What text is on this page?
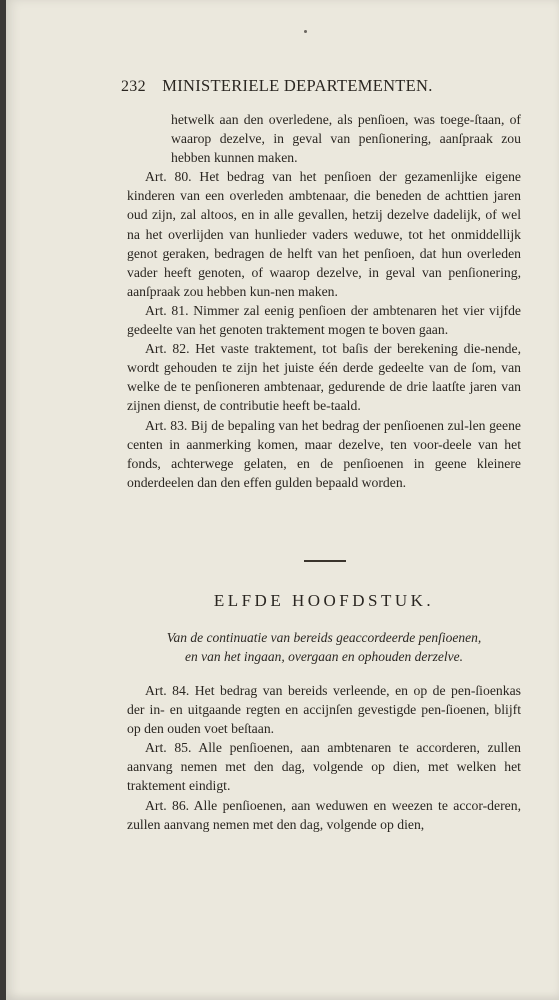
232 MINISTERIELE DEPARTEMENTEN.

hetwelk aan den overledene, als penſioen, was toege-ſtaan, of waarop dezelve, in geval van penſionering, aanſpraak zou hebben kunnen maken.

Art. 80. Het bedrag van het penſioen der gezamenlijke eigene kinderen van een overleden ambtenaar, die beneden de achttien jaren oud zijn, zal altoos, en in alle gevallen, hetzij dezelve dadelijk, of wel na het overlijden van hunlieder vaders weduwe, tot het onmiddellijk genot geraken, bedragen de helft van het penſioen, dat hun overleden vader heeft genoten, of waarop dezelve, in geval van penſionering, aanſpraak zou hebben kun-nen maken.

Art. 81. Nimmer zal eenig penſioen der ambtenaren het vier vijfde gedeelte van het genoten traktement mogen te boven gaan.

Art. 82. Het vaste traktement, tot baſis der berekening die-nende, wordt gehouden te zijn het juiste één derde gedeelte van de ſom, van welke de te penſioneren ambtenaar, gedurende de drie laatſte jaren van zijnen dienst, de contributie heeft be-taald.

Art. 83. Bij de bepaling van het bedrag der penſioenen zul-len geene centen in aanmerking komen, maar dezelve, ten voor-deele van het fonds, achterwege gelaten, en de penſioenen in geene kleinere onderdeelen dan den effen gulden bepaald worden.

ELFDE HOOFDSTUK.
Van de continuatie van bereids geaccordeerde penſioenen,
en van het ingaan, overgaan en ophouden derzelve.

Art. 84. Het bedrag van bereids verleende, en op de pen-ſioenkas der in- en uitgaande regten en accijnſen gevestigde pen-ſioenen, blijft op den ouden voet beſtaan.

Art. 85. Alle penſioenen, aan ambtenaren te accorderen, zullen aanvang nemen met den dag, volgende op dien, met welken het traktement eindigt.

Art. 86. Alle penſioenen, aan weduwen en weezen te accor-deren, zullen aanvang nemen met den dag, volgende op dien,
